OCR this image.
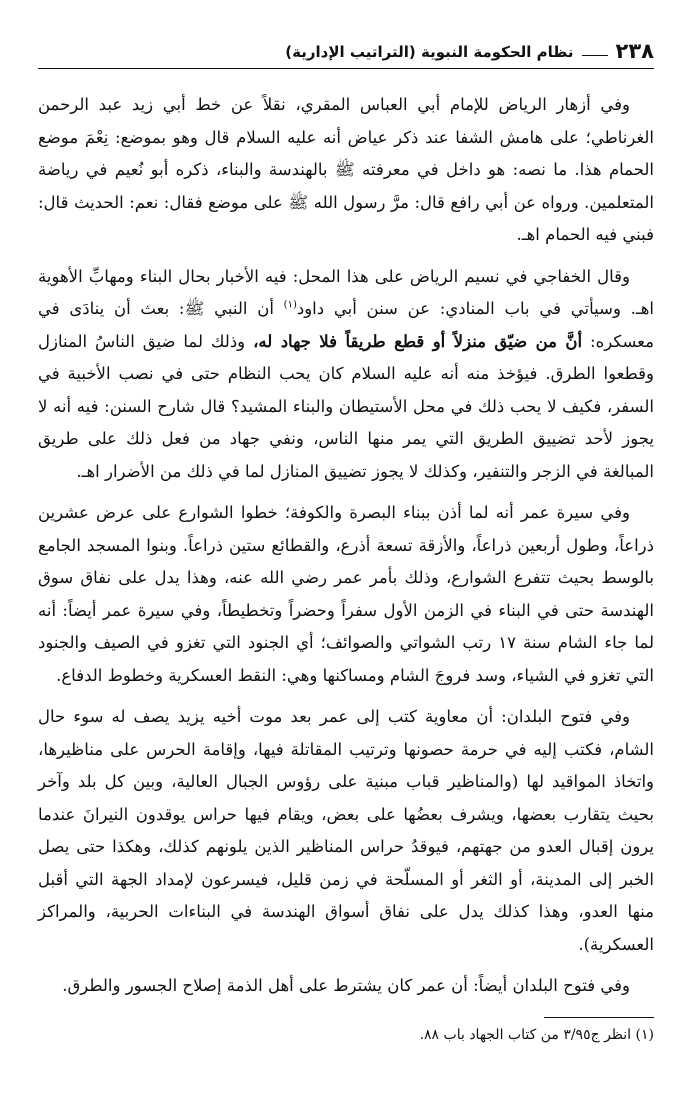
٢٣٨
نظام الحكومة النبوية (التراتيب الإدارية)

وفي أزهار الرياض للإمام أبي العباس المقري، نقلاً عن خط أبي زيد عبد الرحمن الغرناطي؛ على هامش الشفا عند ذكر عياض أنه عليه السلام قال وهو بموضع: نِعْمَ موضع الحمام هذا. ما نصه: هو داخل في معرفته ﷺ بالهندسة والبناء، ذكره أبو نُعيم في رياضة المتعلمين. ورواه عن أبي رافع قال: مرَّ رسول الله ﷺ على موضع فقال: نعم: الحديث قال: فبني فيه الحمام اهـ.

وقال الخفاجي في نسيم الرياض على هذا المحل: فيه الأخبار بحال البناء ومهابِّ الأهوية اهـ. وسيأتي في باب المنادي: عن سنن أبي داود$^{(١)}$ أن النبي ﷺ: بعث أن ينادَى في معسكره: أنَّ من ضيّق منزلاً أو قطع طريقاً فلا جهاد له، وذلك لما ضيق الناسُ المنازل وقطعوا الطرق. فيؤخذ منه أنه عليه السلام كان يحب النظام حتى في نصب الأخبية في السفر، فكيف لا يحب ذلك في محل الأستيطان والبناء المشيد؟ قال شارح السنن: فيه أنه لا يجوز لأحد تضييق الطريق التي يمر منها الناس، ونفي جهاد من فعل ذلك على طريق المبالغة في الزجر والتنفير، وكذلك لا يجوز تضييق المنازل لما في ذلك من الأضرار اهـ.

وفي سيرة عمر أنه لما أذن ببناء البصرة والكوفة؛ خطوا الشوارع على عرض عشرين ذراعاً، وطول أربعين ذراعاً، والأزقة تسعة أذرع، والقطائع ستين ذراعاً. وبنوا المسجد الجامع بالوسط بحيث تتفرع الشوارع، وذلك بأمر عمر رضي الله عنه، وهذا يدل على نفاق سوق الهندسة حتى في البناء في الزمن الأول سفراً وحضراً وتخطيطاً، وفي سيرة عمر أيضاً: أنه لما جاء الشام سنة ١٧ رتب الشواتي والصوائف؛ أي الجنود التي تغزو في الصيف والجنود التي تغزو في الشياء، وسد فروجَ الشام ومساكنها وهي: النقط العسكرية وخطوط الدفاع.

وفي فتوح البلدان: أن معاوية كتب إلى عمر بعد موت أخيه يزيد يصف له سوء حال الشام، فكتب إليه في حرمة حصونها وترتيب المقاتلة فيها، وإقامة الحرس على مناظيرها، واتخاذ المواقيد لها (والمناظير قباب مبنية على رؤوس الجبال العالية، وبين كل بلد وآخر بحيث يتقارب بعضها، ويشرف بعضُها على بعض، ويقام فيها حراس يوقدون النيرانَ عندما يرون إقبال العدو من جهتهم، فيوقدُ حراس المناظير الذين يلونهم كذلك، وهكذا حتى يصل الخبر إلى المدينة، أو الثغر أو المسلّحة في زمن قليل، فيسرعون لإمداد الجهة التي أقبل منها العدو، وهذا كذلك يدل على نفاق أسواق الهندسة في البناءات الحربية، والمراكز العسكرية).

وفي فتوح البلدان أيضاً: أن عمر كان يشترط على أهل الذمة إصلاح الجسور والطرق.

(١) انظر ج٣/٩٥ من كتاب الجهاد باب ٨٨.
